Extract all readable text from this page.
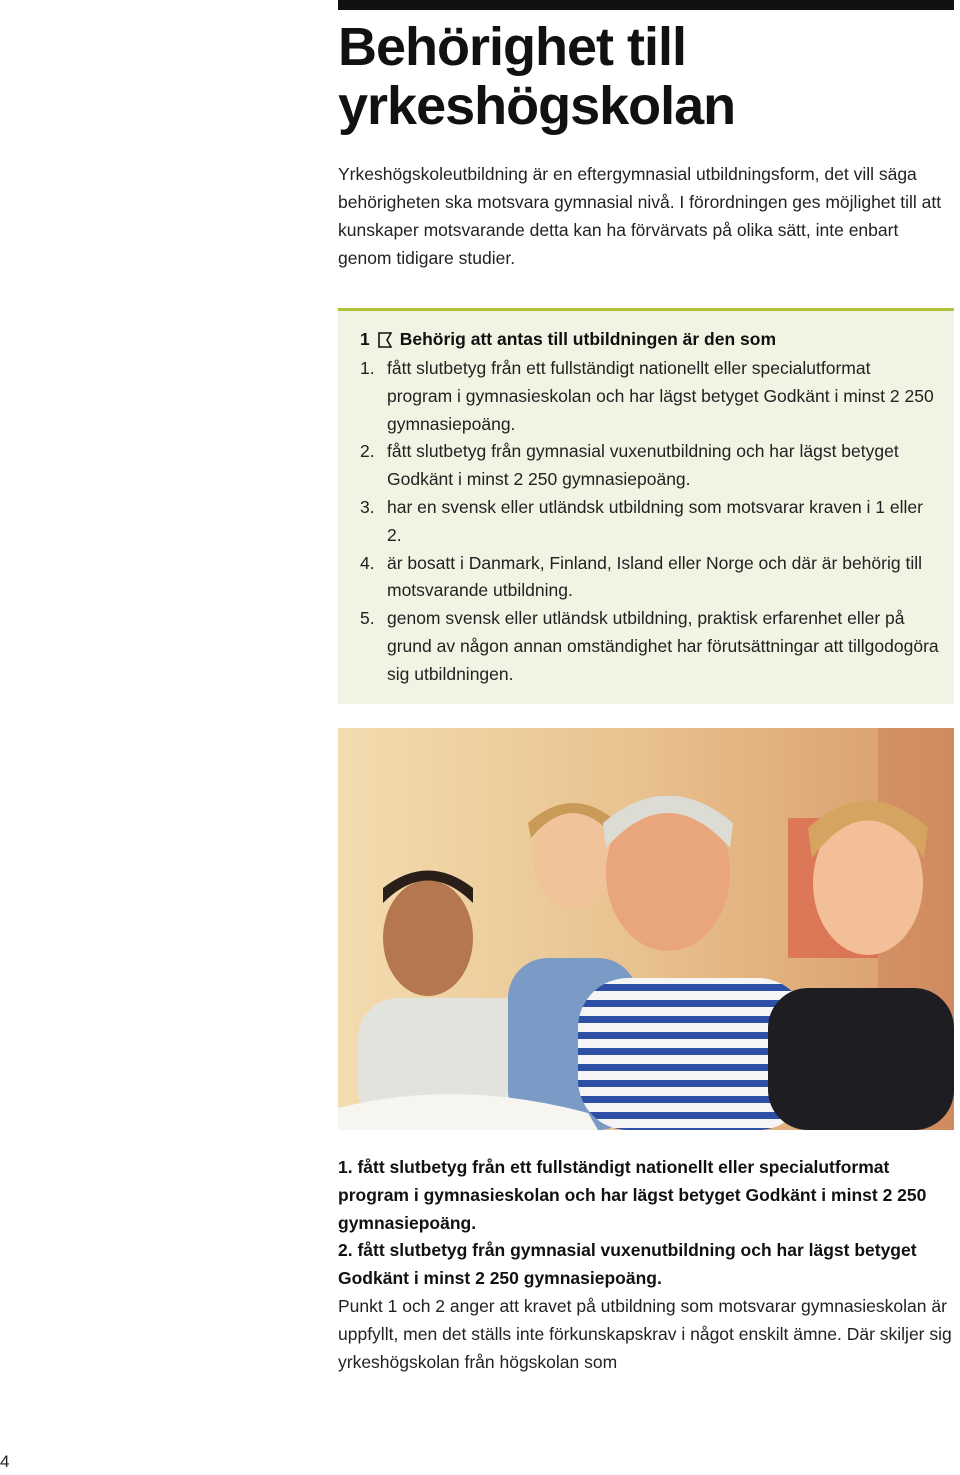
Behörighet till
yrkeshögskolan

Yrkeshögskoleutbildning är en eftergymnasial utbildningsform, det vill säga behörigheten ska motsvara gymnasial nivå. I förordningen ges möjlighet till att kunskaper motsvarande detta kan ha förvärvats på olika sätt, inte enbart genom tidigare studier.

1 Behörig att antas till utbildningen är den som
1. fått slutbetyg från ett fullständigt nationellt eller specialutformat program i gymnasieskolan och har lägst betyget Godkänt i minst 2 250 gymnasiepoäng.
2. fått slutbetyg från gymnasial vuxenutbildning och har lägst betyget Godkänt i minst 2 250 gymnasiepoäng.
3. har en svensk eller utländsk utbildning som motsvarar kraven i 1 eller 2.
4. är bosatt i Danmark, Finland, Island eller Norge och där är behörig till motsvarande utbildning.
5. genom svensk eller utländsk utbildning, praktisk erfarenhet eller på grund av någon annan omständighet har förutsättningar att tillgodogöra sig utbildningen.

1. fått slutbetyg från ett fullständigt nationellt eller specialutformat program i gymnasieskolan och har lägst betyget Godkänt i minst 2 250 gymnasiepoäng.

2. fått slutbetyg från gymnasial vuxenutbildning och har lägst betyget Godkänt i minst 2 250 gymnasiepoäng.

Punkt 1 och 2 anger att kravet på utbildning som motsvarar gymnasieskolan är uppfyllt, men det ställs inte förkunskapskrav i något enskilt ämne. Där skiljer sig yrkeshögskolan från högskolan som

4
